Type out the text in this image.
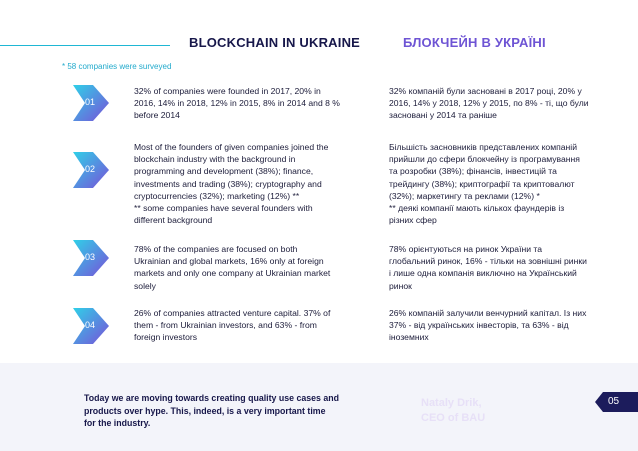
BLOCKCHAIN IN UKRAINE	БЛОКЧЕЙН В УКРАЇНІ
* 58 companies were surveyed
01
32% of companies were founded in 2017, 20% in
2016, 14% in 2018, 12% in 2015, 8% in 2014 and 8 %
before 2014
32% компаній були засновані в 2017 році, 20% у
2016, 14% у 2018, 12% у 2015, по 8% - ті, що були
засновані у 2014 та раніше
02
Most of the founders of given companies joined the
blockchain industry with the background in
programming and development (38%); finance,
investments and trading (38%); cryptography and
cryptocurrencies (32%); marketing (12%) **
** some companies have several founders with
different background
Більшість засновників представлених компаній
прийшли до сфери блокчейну із програмування
та розробки (38%); фінансів, інвестицій та
трейдингу (38%); криптографії та криптовалют
(32%); маркетингу та реклами (12%) *
** деякі компанії мають кількох фаундерів із
різних сфер
03
78% of the companies are focused on both
Ukrainian and global markets, 16% only at foreign
markets and only one company at Ukrainian market
solely
78% орієнтуються на ринок України та
глобальний ринок, 16% - тільки на зовнішні ринки
і лише одна компанія виключно на Український
ринок
04
26% of companies attracted venture capital. 37% of
them - from Ukrainian investors, and 63% - from
foreign investors
26% компаній залучили венчурний капітал. Із них
37% - від українських інвесторів, та 63% - від
іноземних
Today we are moving towards creating quality use cases and
products over hype. This, indeed, is a very important time
for the industry.
Nataly Drik,
CEO of BAU
05
